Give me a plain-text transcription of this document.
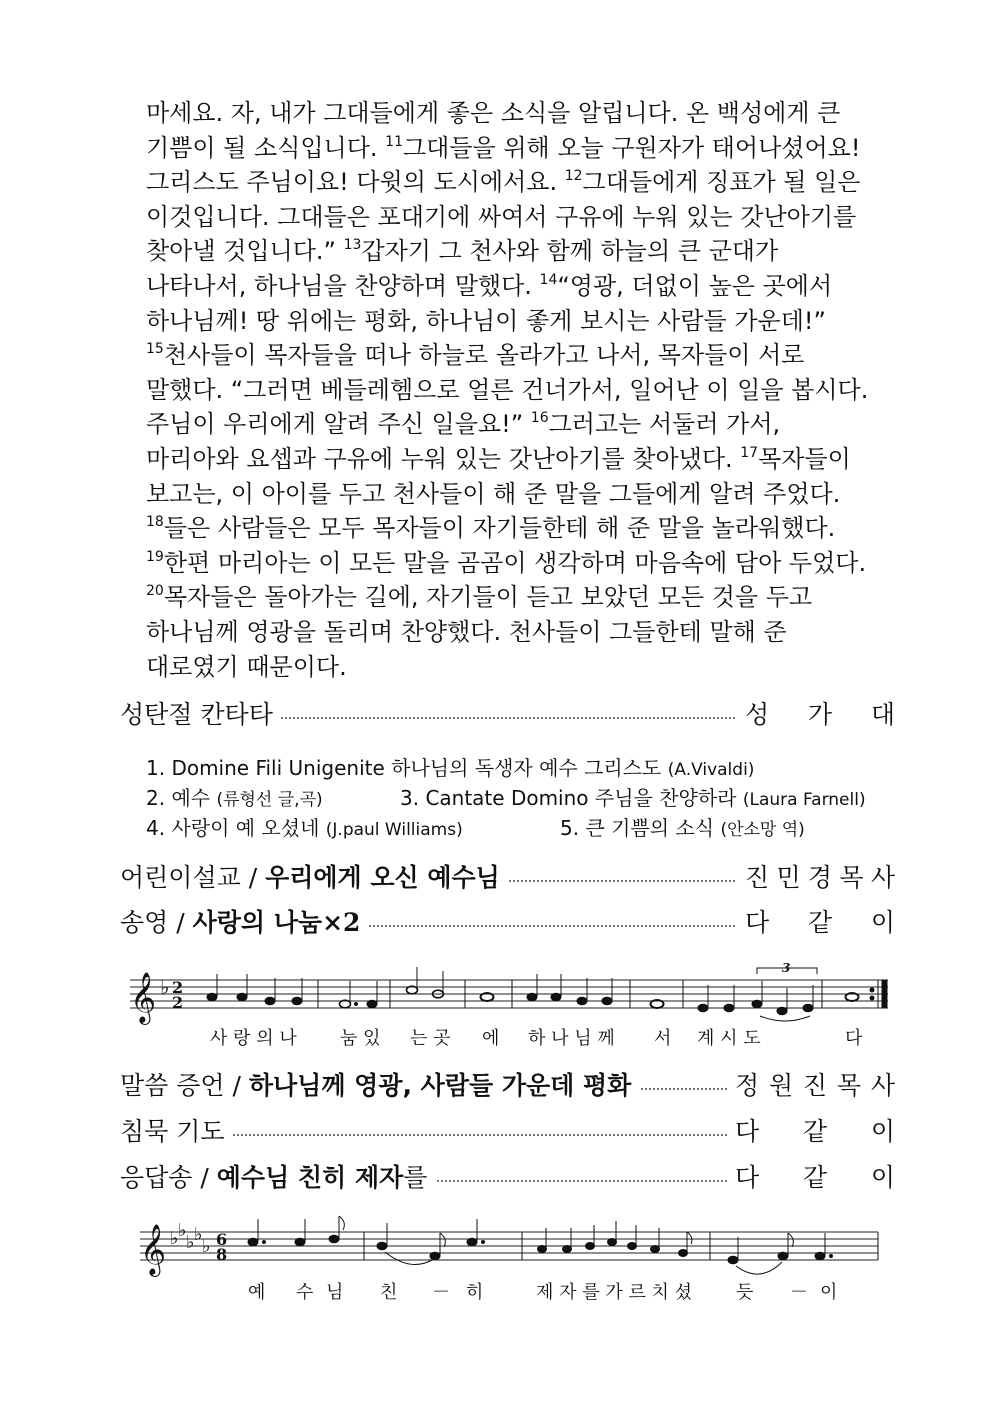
마세요. 자, 내가 그대들에게 좋은 소식을 알립니다. 온 백성에게 큰
기쁨이 될 소식입니다. $^{11}$그대들을 위해 오늘 구원자가 태어나셨어요!
그리스도 주님이요! 다윗의 도시에서요. $^{12}$그대들에게 징표가 될 일은
이것입니다. 그대들은 포대기에 싸여서 구유에 누워 있는 갓난아기를
찾아낼 것입니다.” $^{13}$갑자기 그 천사와 함께 하늘의 큰 군대가
나타나서, 하나님을 찬양하며 말했다. $^{14}$“영광, 더없이 높은 곳에서
하나님께! 땅 위에는 평화, 하나님이 좋게 보시는 사람들 가운데!”
$^{15}$천사들이 목자들을 떠나 하늘로 올라가고 나서, 목자들이 서로
말했다. “그러면 베들레헴으로 얼른 건너가서, 일어난 이 일을 봅시다.
주님이 우리에게 알려 주신 일을요!” $^{16}$그러고는 서둘러 가서,
마리아와 요셉과 구유에 누워 있는 갓난아기를 찾아냈다. $^{17}$목자들이
보고는, 이 아이를 두고 천사들이 해 준 말을 그들에게 알려 주었다.
$^{18}$들은 사람들은 모두 목자들이 자기들한테 해 준 말을 놀라워했다.
$^{19}$한편 마리아는 이 모든 말을 곰곰이 생각하며 마음속에 담아 두었다.
$^{20}$목자들은 돌아가는 길에, 자기들이 듣고 보았던 모든 것을 두고
하나님께 영광을 돌리며 찬양했다. 천사들이 그들한테 말해 준
대로였기 때문이다.
성탄절 칸타타	성 가 대
1. Domine Fili Unigenite 하나님의 독생자 예수 그리스도 (A.Vivaldi)
2. 예수 (류형선 글,곡)	3. Cantate Domino 주님을 찬양하라 (Laura Farnell)
4. 사랑이 예 오셨네 (J.paul Williams)	5. 큰 기쁨의 소식 (안소망 역)
어린이설교 / 우리에게 오신 예수님	진 민 경 목 사
송영 / 사랑의 나눔×2	다 같 이
𝄞 ♭ 2
2
3
사 랑 의 나 눔 있 는 곳 에 하 나 님 께 서 계 시 도	다
말씀 증언 / 하나님께 영광, 사람들 가운데 평화	정 원 진 목 사
침묵 기도	다 같 이
응답송 / 예수님 친히 제자를	다 같 이
𝄞 ♭ ♭
♭ ♭
♭ 6
8
예 수 님 친 － 히	제 자 를 가 르 치 셨 듯 － 이
